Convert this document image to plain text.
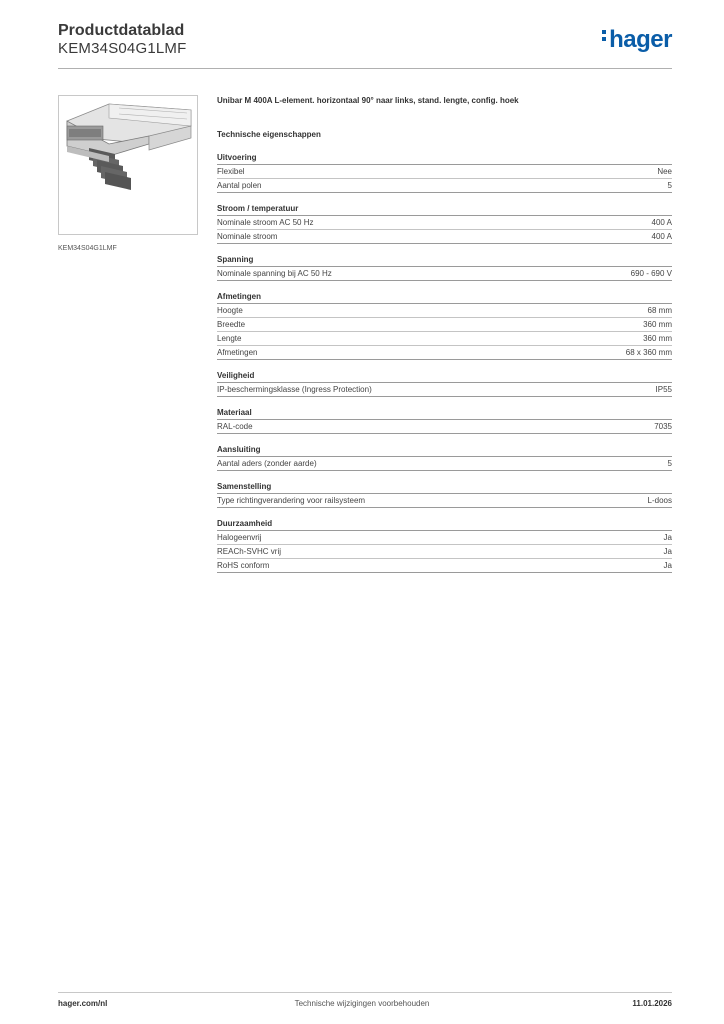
Productdatablad
KEM34S04G1LMF	hager
KEM34S04G1LMF
Unibar M 400A L-element. horizontaal 90° naar links, stand. lengte, config. hoek
Technische eigenschappen
Uitvoering
Flexibel	Nee
Aantal polen	5
Stroom / temperatuur
Nominale stroom AC 50 Hz	400 A
Nominale stroom	400 A
Spanning
Nominale spanning bij AC 50 Hz	690 - 690 V
Afmetingen
Hoogte	68 mm
Breedte	360 mm
Lengte	360 mm
Afmetingen	68 x 360 mm
Veiligheid
IP-beschermingsklasse (Ingress Protection)	IP55
Materiaal
RAL-code	7035
Aansluiting
Aantal aders (zonder aarde)	5
Samenstelling
Type richtingverandering voor railsysteem	L-doos
Duurzaamheid
Halogeenvrij	Ja
REACh-SVHC vrij	Ja
RoHS conform	Ja
Technische wijzigingen voorbehouden
hager.com/nl	11.01.2026
